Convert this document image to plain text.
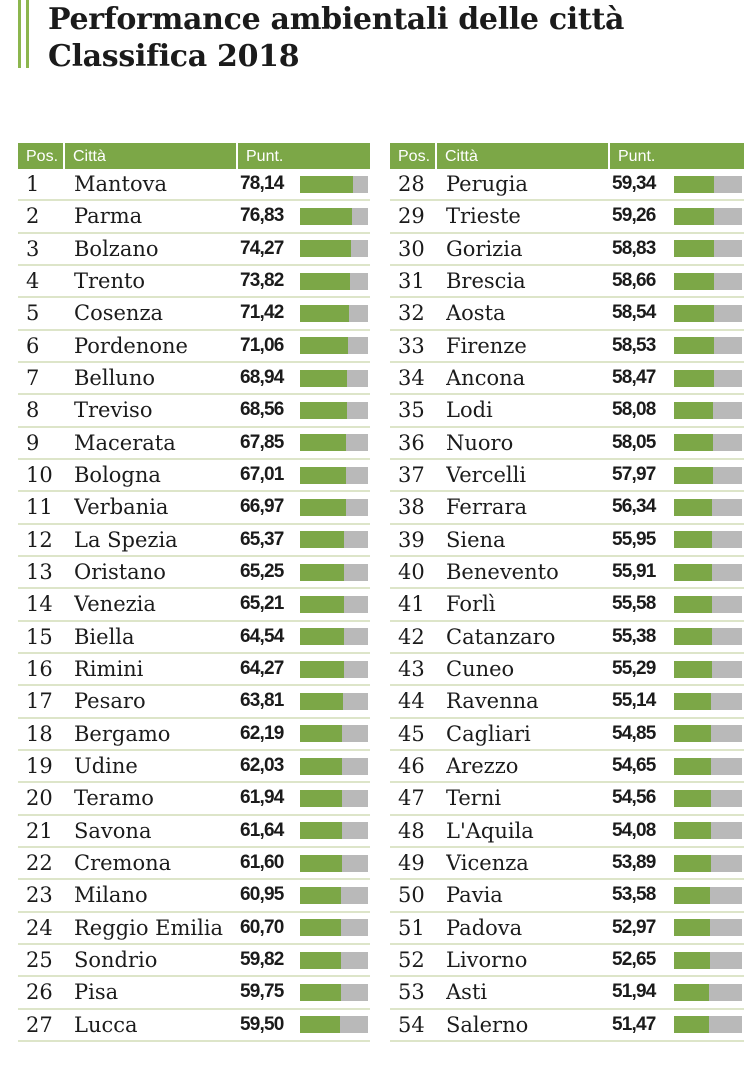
Performance ambientali delle città
Classifica 2018
Pos. Città	Punt.
1	Mantova	78,14
2	Parma	76,83
3	Bolzano	74,27
4	Trento	73,82
5	Cosenza	71,42
6	Pordenone	71,06
7	Belluno	68,94
8	Treviso	68,56
9	Macerata	67,85
10	Bologna	67,01
11	Verbania	66,97
12	La Spezia	65,37
13	Oristano	65,25
14	Venezia	65,21
15	Biella	64,54
16	Rimini	64,27
17	Pesaro	63,81
18	Bergamo	62,19
19	Udine	62,03
20	Teramo	61,94
21	Savona	61,64
22	Cremona	61,60
23	Milano	60,95
24	Reggio Emilia 60,70
25	Sondrio	59,82
26	Pisa	59,75
27	Lucca	59,50
Pos. Città	Punt.
28	Perugia	59,34
29	Trieste	59,26
30	Gorizia	58,83
31	Brescia	58,66
32	Aosta	58,54
33	Firenze	58,53
34	Ancona	58,47
35	Lodi	58,08
36	Nuoro	58,05
37	Vercelli	57,97
38	Ferrara	56,34
39	Siena	55,95
40	Benevento	55,91
41	Forlì	55,58
42	Catanzaro	55,38
43	Cuneo	55,29
44	Ravenna	55,14
45	Cagliari	54,85
46	Arezzo	54,65
47	Terni	54,56
48	L'Aquila	54,08
49	Vicenza	53,89
50	Pavia	53,58
51	Padova	52,97
52	Livorno	52,65
53	Asti	51,94
54	Salerno	51,47
